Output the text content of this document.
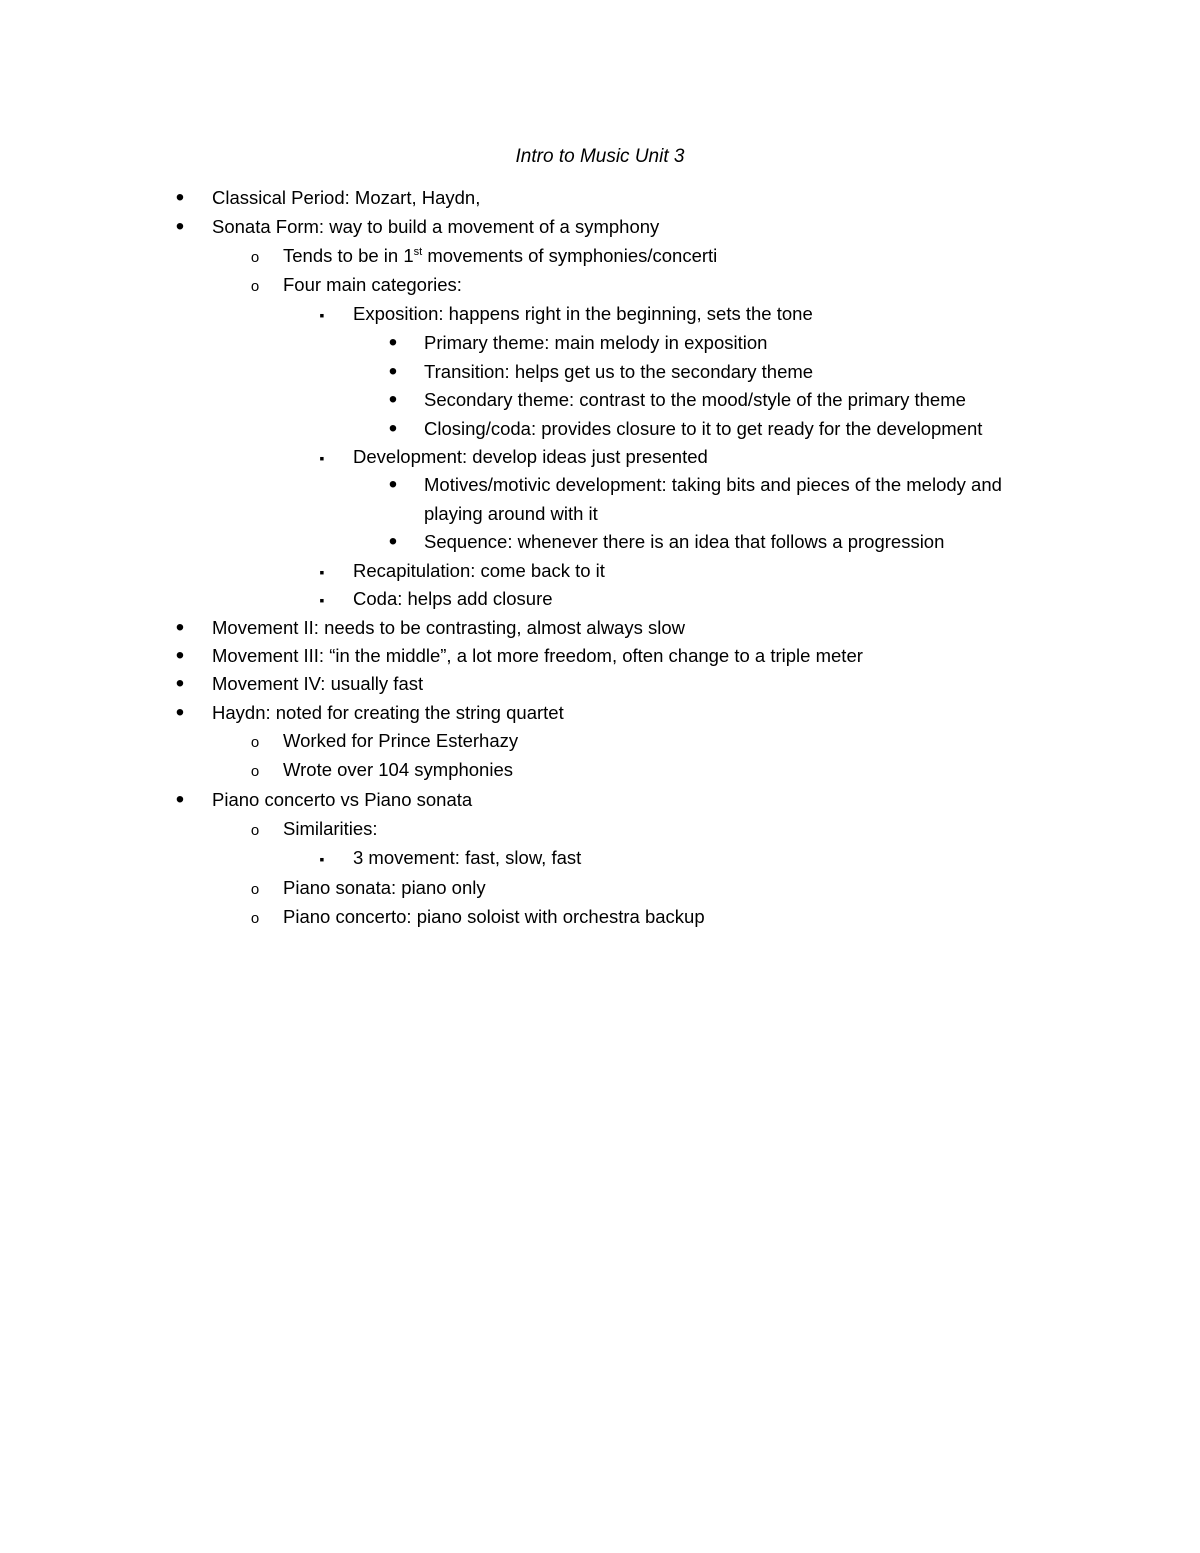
Intro to Music Unit 3
•
Classical Period: Mozart, Haydn,
•
Sonata Form: way to build a movement of a symphony
o
Tends to be in 1st movements of symphonies/concerti
o
Four main categories:
▪
Exposition: happens right in the beginning, sets the tone
•
Primary theme: main melody in exposition
•
Transition: helps get us to the secondary theme
•
Secondary theme: contrast to the mood/style of the primary theme
•
Closing/coda: provides closure to it to get ready for the development
▪
Development: develop ideas just presented
•
Motives/motivic development: taking bits and pieces of the melody and
playing around with it
•
Sequence: whenever there is an idea that follows a progression
▪
Recapitulation: come back to it
▪
Coda: helps add closure
•
Movement II: needs to be contrasting, almost always slow
•
Movement III: “in the middle”, a lot more freedom, often change to a triple meter
•
Movement IV: usually fast
•
Haydn: noted for creating the string quartet
o
Worked for Prince Esterhazy
o
Wrote over 104 symphonies
•
Piano concerto vs Piano sonata
o
Similarities:
▪
3 movement: fast, slow, fast
o
Piano sonata: piano only
o
Piano concerto: piano soloist with orchestra backup
